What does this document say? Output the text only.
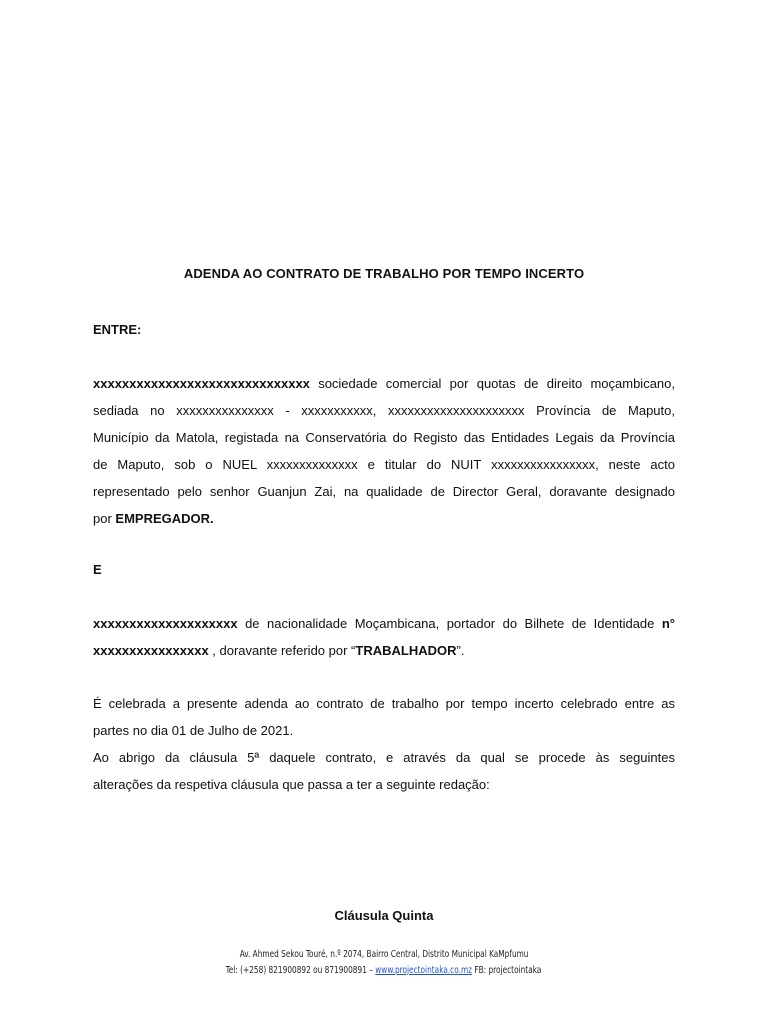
ADENDA AO CONTRATO DE TRABALHO POR TEMPO INCERTO
ENTRE:
xxxxxxxxxxxxxxxxxxxxxxxxxxxxxx sociedade comercial por quotas de direito moçambicano,
sediada no xxxxxxxxxxxxxxx - xxxxxxxxxxx, xxxxxxxxxxxxxxxxxxxxx Província de Maputo,
Município da Matola, registada na Conservatória do Registo das Entidades Legais da Província
de Maputo, sob o NUEL xxxxxxxxxxxxxx e titular do NUIT xxxxxxxxxxxxxxxx, neste acto
representado pelo senhor Guanjun Zai, na qualidade de Director Geral, doravante designado
por EMPREGADOR.
E
xxxxxxxxxxxxxxxxxxxx de nacionalidade Moçambicana, portador do Bilhete de Identidade n°
xxxxxxxxxxxxxxxx , doravante referido por “TRABALHADOR”.
É celebrada a presente adenda ao contrato de trabalho por tempo incerto celebrado entre as
partes no dia 01 de Julho de 2021.
Ao abrigo da cláusula 5ª daquele contrato, e através da qual se procede às seguintes
alterações da respetiva cláusula que passa a ter a seguinte redação:
Cláusula Quinta
Av. Ahmed Sekou Touré, n.º 2074, Bairro Central, Distrito Municipal KaMpfumu
Tel: (+258) 821900892 ou 871900891 – www.projectointaka.co.mz FB: projectointaka
